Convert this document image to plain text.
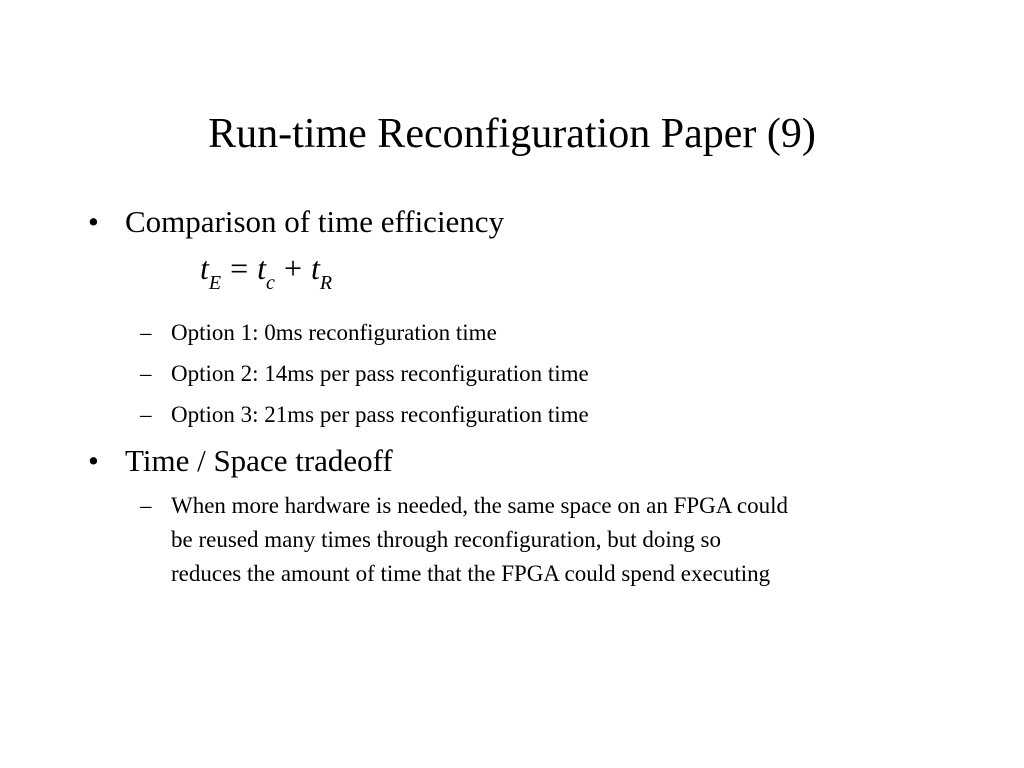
Run-time Reconfiguration Paper (9)
• Comparison of time efficiency
$t_E = t_c + t_R$
– Option 1: 0ms reconfiguration time
– Option 2: 14ms per pass reconfiguration time
– Option 3: 21ms per pass reconfiguration time
• Time / Space tradeoff
– When more hardware is needed, the same space on an FPGA could
be reused many times through reconfiguration, but doing so
reduces the amount of time that the FPGA could spend executing
